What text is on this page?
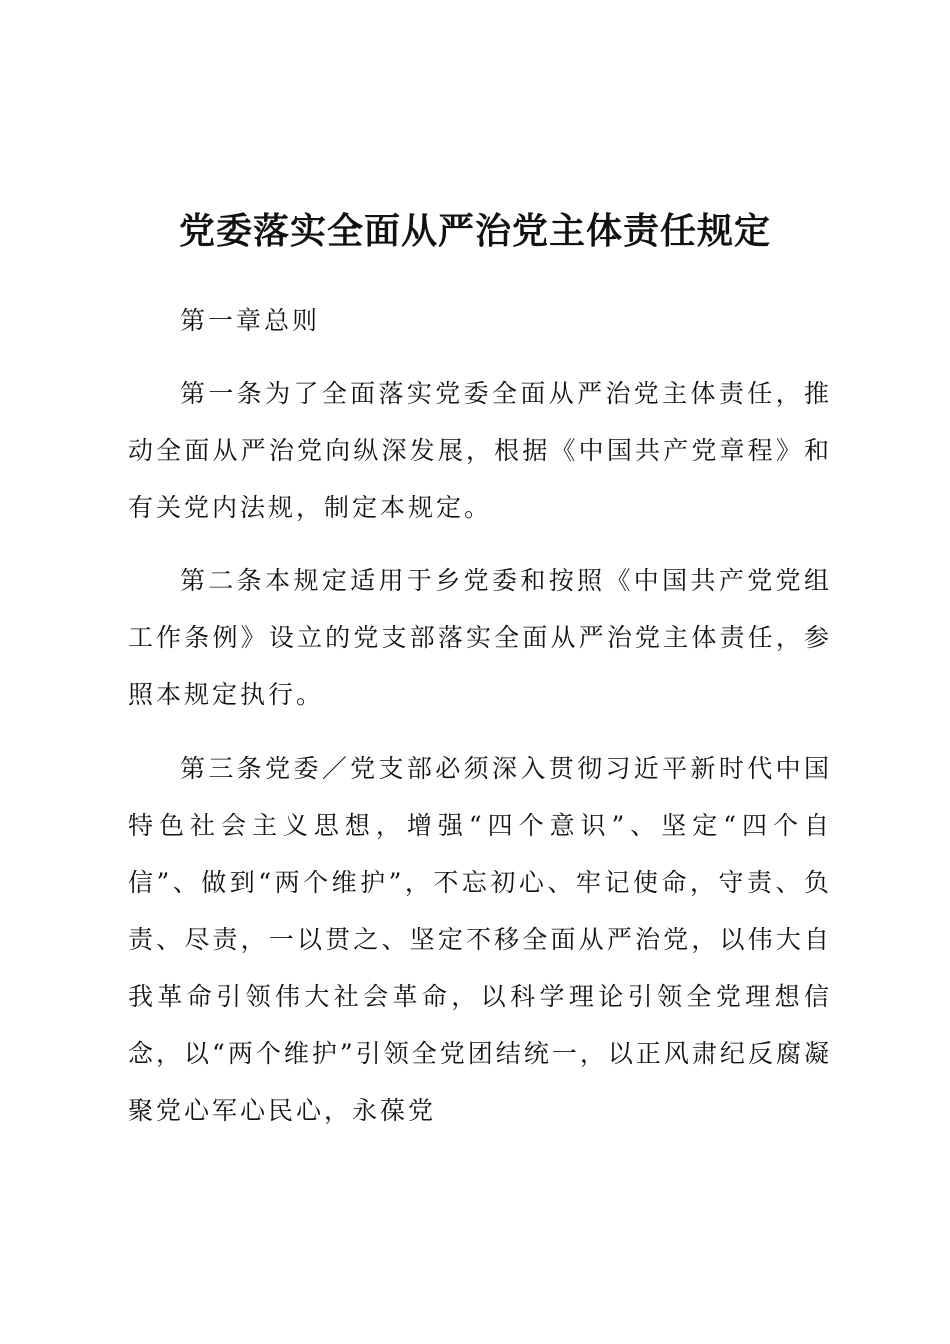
党委落实全面从严治党主体责任规定
第一章总则
第一条为了全面落实党委全面从严治党主体责任，推动全面从严治党向纵深发展，根据《中国共产党章程》和有关党内法规，制定本规定。
第二条本规定适用于乡党委和按照《中国共产党党组工作条例》设立的党支部落实全面从严治党主体责任，参照本规定执行。
第三条党委／党支部必须深入贯彻习近平新时代中国特色社会主义思想，增强“四个意识”、坚定“四个自信”、做到“两个维护”，不忘初心、牢记使命，守责、负责、尽责，一以贯之、坚定不移全面从严治党，以伟大自我革命引领伟大社会革命，以科学理论引领全党理想信念，以“两个维护”引领全党团结统一，以正风肃纪反腐凝聚党心军心民心，永葆党
